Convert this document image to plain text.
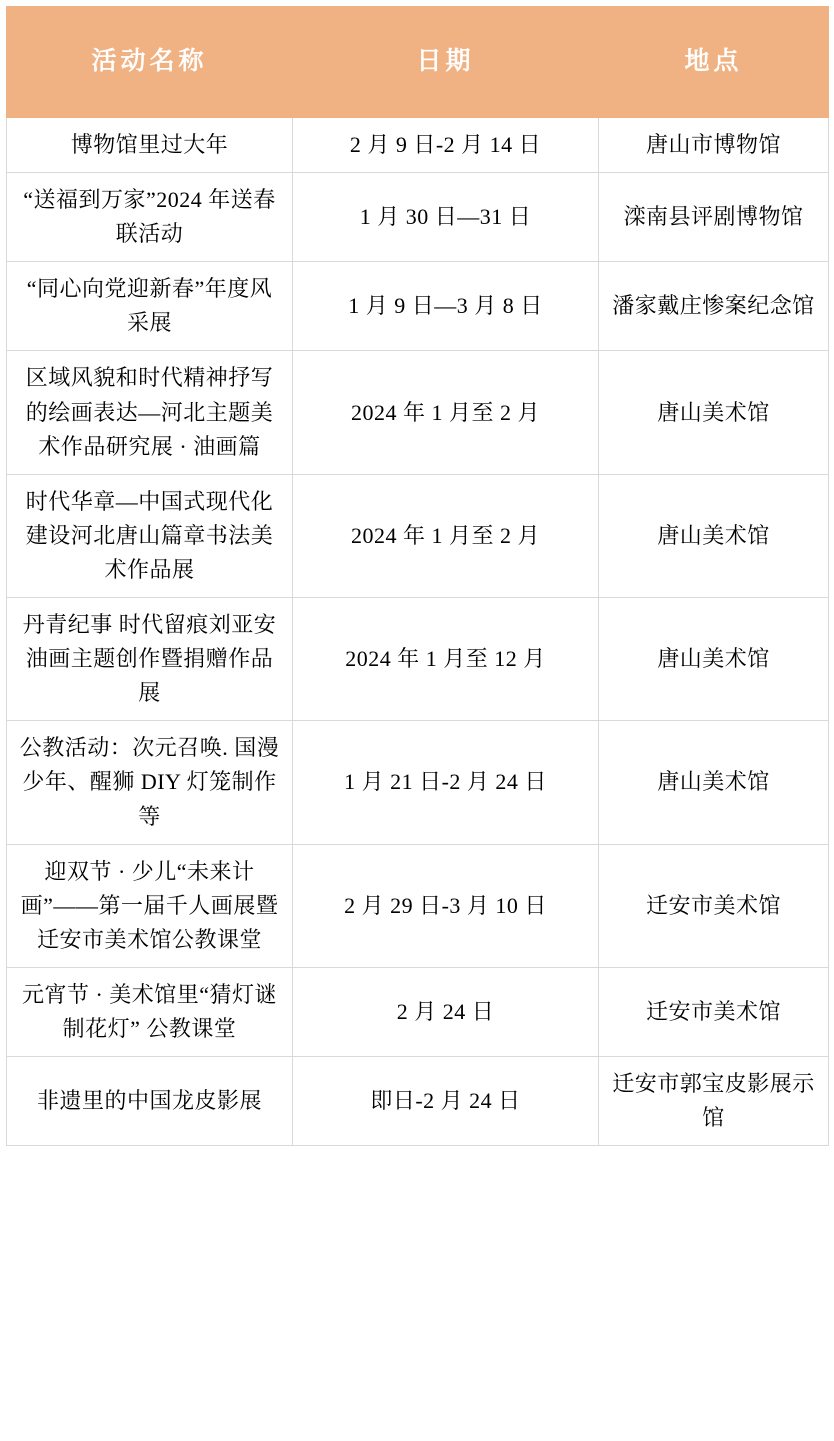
活动名称	日期	地点
博物馆里过大年	2 月 9 日-2 月 14 日	唐山市博物馆
“送福到万家”2024 年送春联活动	1 月 30 日—31 日	滦南县评剧博物馆
“同心向党迎新春”年度风采展	1 月 9 日—3 月 8 日	潘家戴庄惨案纪念馆
区域风貌和时代精神抒写的绘画表达—河北主题美术作品研究展 · 油画篇	2024 年 1 月至 2 月	唐山美术馆
时代华章—中国式现代化建设河北唐山篇章书法美术作品展	2024 年 1 月至 2 月	唐山美术馆
丹青纪事 时代留痕刘亚安油画主题创作暨捐赠作品展	2024 年 1 月至 12 月	唐山美术馆
公教活动：次元召唤. 国漫少年、醒狮 DIY 灯笼制作等	1 月 21 日-2 月 24 日	唐山美术馆
迎双节 · 少儿“未来计画”——第一届千人画展暨迁安市美术馆公教课堂	2 月 29 日-3 月 10 日	迁安市美术馆
元宵节 · 美术馆里“猜灯谜 制花灯” 公教课堂	2 月 24 日	迁安市美术馆
非遗里的中国龙皮影展	即日-2 月 24 日	迁安市郭宝皮影展示馆
